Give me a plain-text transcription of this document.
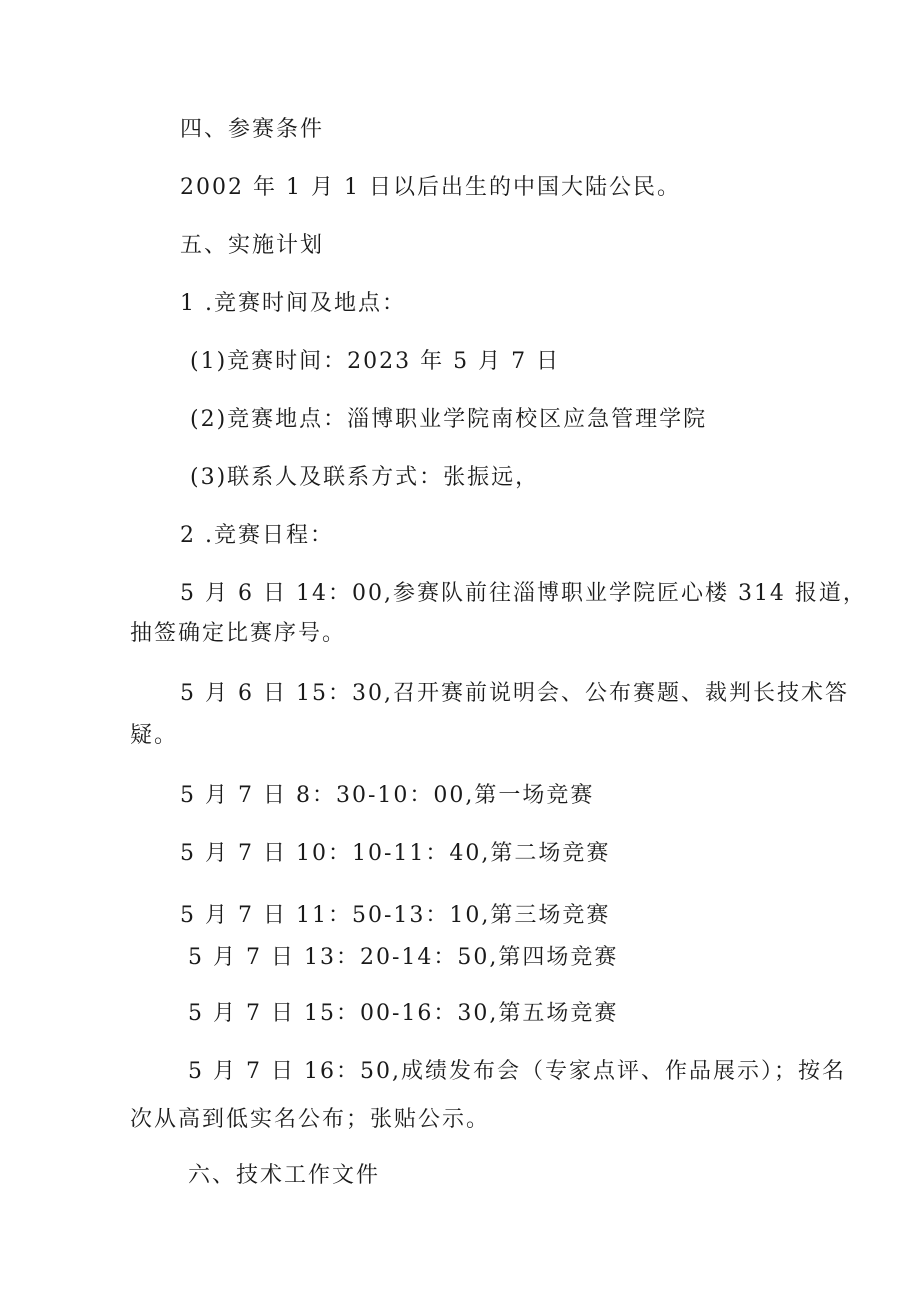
四、参赛条件
2002 年 1 月 1 日以后出生的中国大陆公民。
五、实施计划
1 .竞赛时间及地点：
(1)竞赛时间：2023 年 5 月 7 日
(2)竞赛地点：淄博职业学院南校区应急管理学院
(3)联系人及联系方式：张振远，
2 .竞赛日程：
5 月 6 日 14：00,参赛队前往淄博职业学院匠心楼 314 报道，
抽签确定比赛序号。
5 月 6 日 15：30,召开赛前说明会、公布赛题、裁判长技术答
疑。
5 月 7 日 8：30-10：00,第一场竞赛
5 月 7 日 10：10-11：40,第二场竞赛
5 月 7 日 11：50-13：10,第三场竞赛
5 月 7 日 13：20-14：50,第四场竞赛
5 月 7 日 15：00-16：30,第五场竞赛
5 月 7 日 16：50,成绩发布会（专家点评、作品展示）；按名
次从高到低实名公布；张贴公示。
六、技术工作文件
